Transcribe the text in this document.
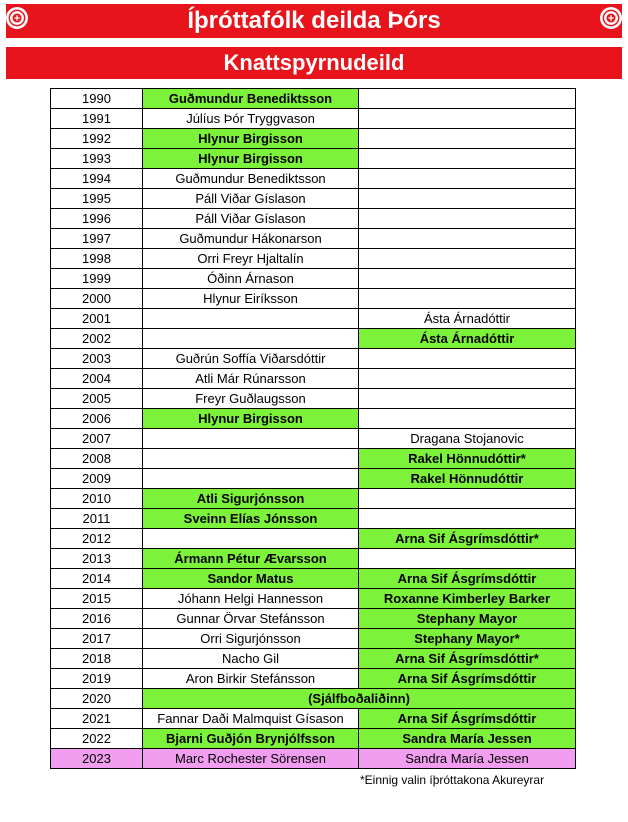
Íþróttafólk deilda Þórs
Knattspyrnudeild
1990	Guðmundur Benediktsson	
1991	Júlíus Þór Tryggvason	
1992	Hlynur Birgisson	
1993	Hlynur Birgisson	
1994	Guðmundur Benediktsson	
1995	Páll Viðar Gíslason	
1996	Páll Viðar Gíslason	
1997	Guðmundur Hákonarson	
1998	Orri Freyr Hjaltalín	
1999	Óðinn Árnason	
2000	Hlynur Eiríksson	
2001		Ásta Árnadóttir
2002		Ásta Árnadóttir
2003	Guðrún Soffía Viðarsdóttir	
2004	Atli Már Rúnarsson	
2005	Freyr Guðlaugsson	
2006	Hlynur Birgisson	
2007		Dragana Stojanovic
2008		Rakel Hönnudóttir*
2009		Rakel Hönnudóttir
2010	Atli Sigurjónsson	
2011	Sveinn Elías Jónsson	
2012		Arna Sif Ásgrímsdóttir*
2013	Ármann Pétur Ævarsson	
2014	Sandor Matus	Arna Sif Ásgrímsdóttir
2015	Jóhann Helgi Hannesson	Roxanne Kimberley Barker
2016	Gunnar Örvar Stefánsson	Stephany Mayor
2017	Orri Sigurjónsson	Stephany Mayor*
2018	Nacho Gil	Arna Sif Ásgrímsdóttir*
2019	Aron Birkir Stefánsson	Arna Sif Ásgrímsdóttir
2020	(Sjálfboðaliðinn)	
2021	Fannar Daði Malmquist Gísason	Arna Sif Ásgrímsdóttir
2022	Bjarni Guðjón Brynjólfsson	Sandra María Jessen
2023	Marc Rochester Sörensen	Sandra María Jessen
*Einnig valin íþróttakona Akureyrar
